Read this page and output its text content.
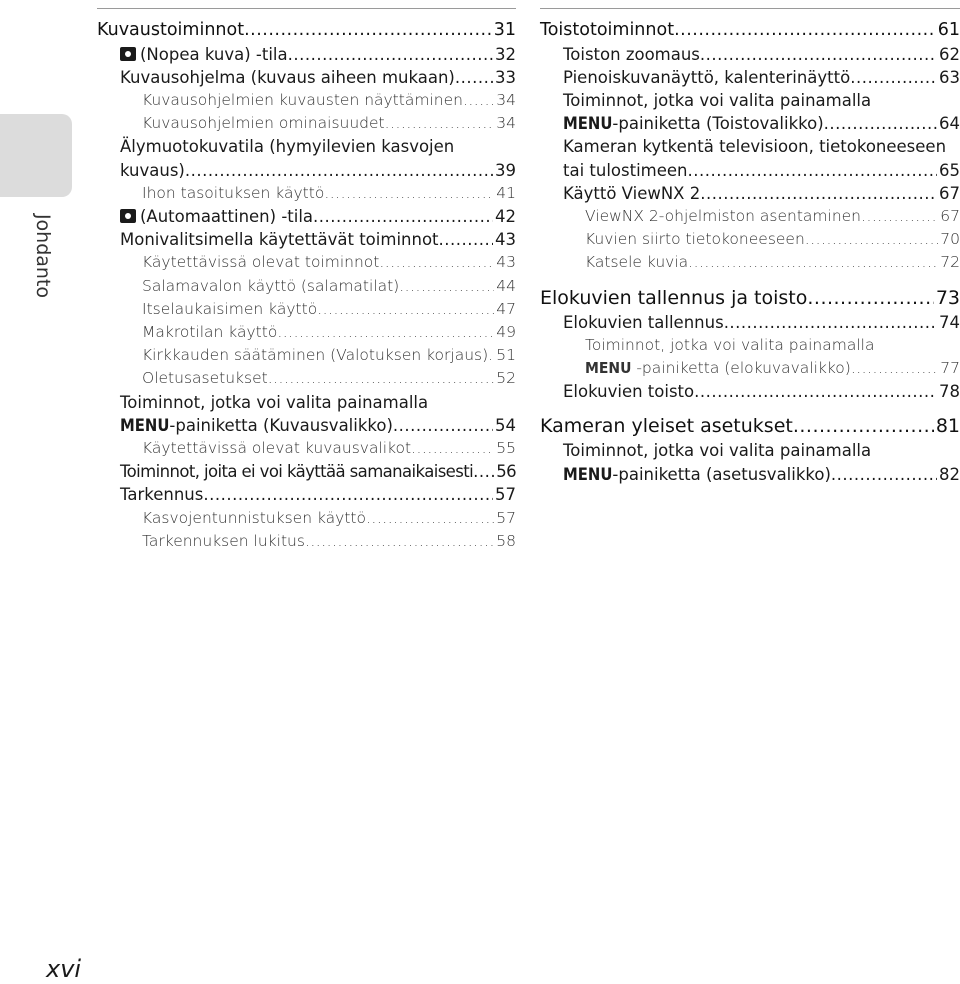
Johdanto
Kuvaustoiminnot .....	31
(Nopea kuva) -tila .....	32
Kuvausohjelma (kuvaus aiheen mukaan) ..... 33
Kuvausohjelmien kuvausten näyttäminen ..... 34
Kuvausohjelmien ominaisuudet .....	34
Älymuotokuvatila (hymyilevien kasvojen
kuvaus) .....	39
Ihon tasoituksen käyttö .....	41
(Automaattinen) -tila .....	42
Monivalitsimella käytettävät toiminnot .....	43
Käytettävissä olevat toiminnot .....	43
Salamavalon käyttö (salamatilat) .....	44
Itselaukaisimen käyttö .....	47
Makrotilan käyttö .....	49
Kirkkauden säätäminen (Valotuksen korjaus) ..... 51
Oletusasetukset .....	52
Toiminnot, jotka voi valita painamalla
MENU-painiketta (Kuvausvalikko) .....	54
Käytettävissä olevat kuvausvalikot .....	55
Toiminnot, joita ei voi käyttää samanaikaisesti ..... 56
Tarkennus .....	57
Kasvojentunnistuksen käyttö .....	57
Tarkennuksen lukitus .....	58
Toistotoiminnot .....	61
Toiston zoomaus .....	62
Pienoiskuvanäyttö, kalenterinäyttö .....	63
Toiminnot, jotka voi valita painamalla
MENU-painiketta (Toistovalikko) .....	64
Kameran kytkentä televisioon, tietokoneeseen
tai tulostimeen .....	65
Käyttö ViewNX 2 .....	67
ViewNX 2-ohjelmiston asentaminen .....	67
Kuvien siirto tietokoneeseen .....	70
Katsele kuvia .....	72
Elokuvien tallennus ja toisto .....	73
Elokuvien tallennus .....	74
Toiminnot, jotka voi valita painamalla
MENU -painiketta (elokuvavalikko) .....	77
Elokuvien toisto .....	78
Kameran yleiset asetukset .....	81
Toiminnot, jotka voi valita painamalla
MENU-painiketta (asetusvalikko) .....	82
xvi
